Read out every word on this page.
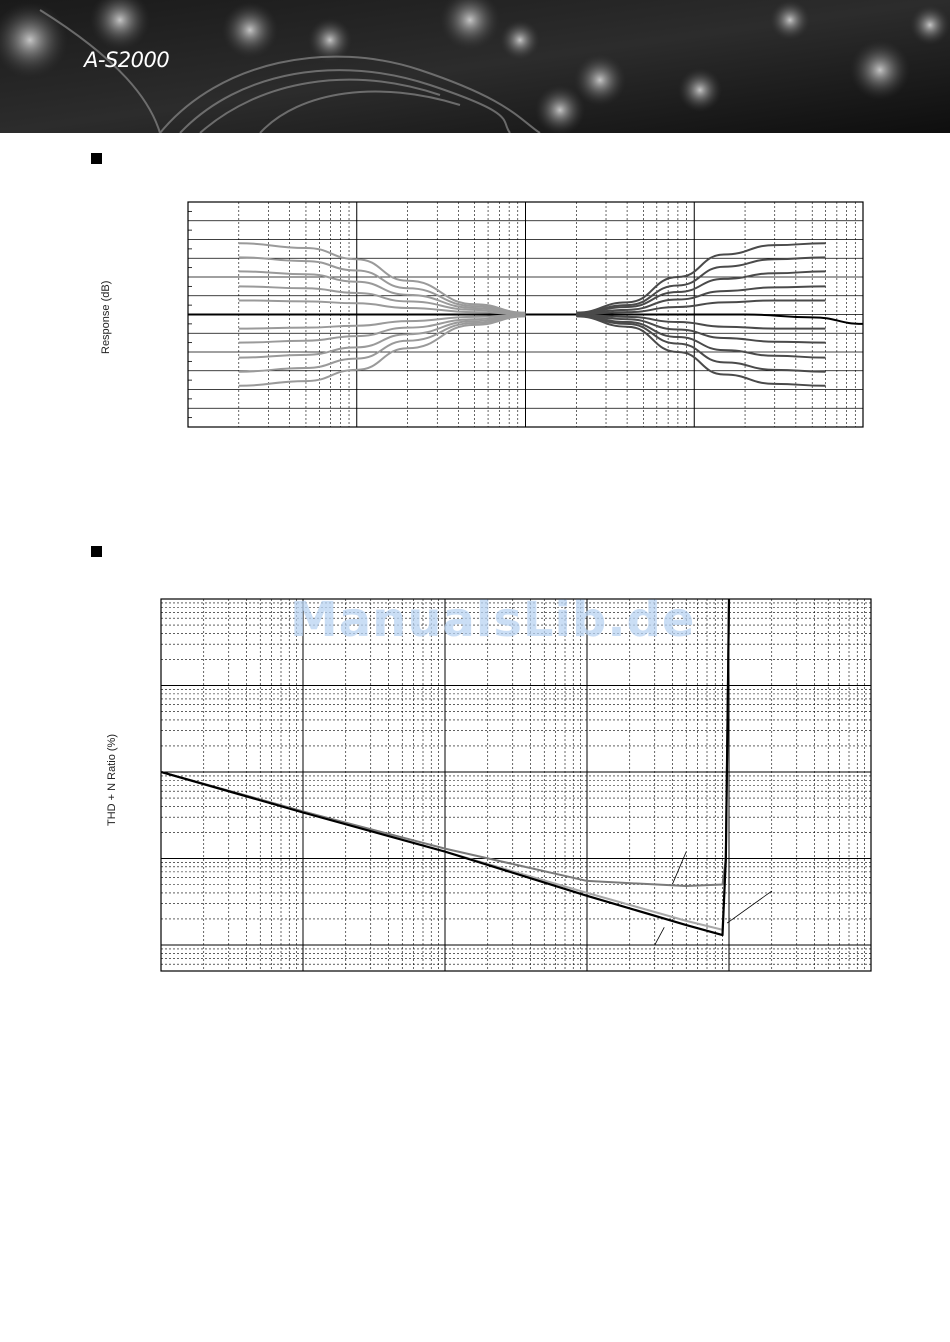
A-S2000
Response (dB)
THD + N Ratio (%)
ManualsLib.de
